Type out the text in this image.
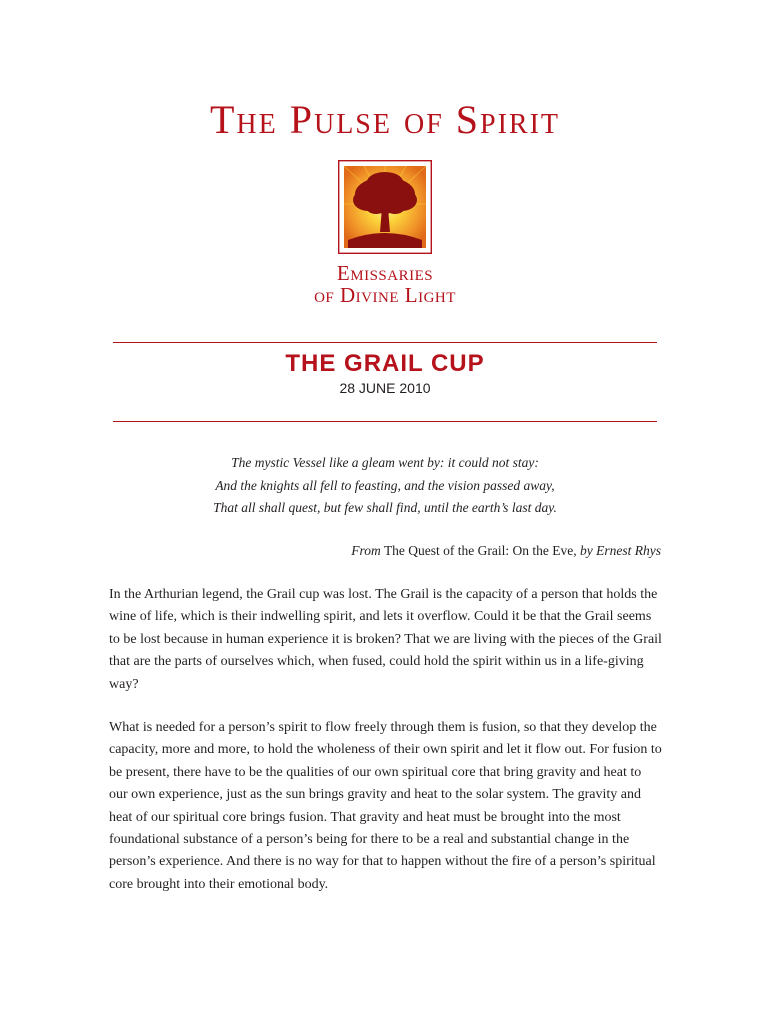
The Pulse of Spirit
Emissaries
of Divine Light
THE GRAIL CUP
28 JUNE 2010
The mystic Vessel like a gleam went by: it could not stay:
And the knights all fell to feasting, and the vision passed away,
That all shall quest, but few shall find, until the earth’s last day.
From The Quest of the Grail: On the Eve, by Ernest Rhys

In the Arthurian legend, the Grail cup was lost. The Grail is the capacity of a person that holds the wine of life, which is their indwelling spirit, and lets it overflow. Could it be that the Grail seems to be lost because in human experience it is broken? That we are living with the pieces of the Grail that are the parts of ourselves which, when fused, could hold the spirit within us in a life-giving way?

What is needed for a person’s spirit to flow freely through them is fusion, so that they develop the capacity, more and more, to hold the wholeness of their own spirit and let it flow out. For fusion to be present, there have to be the qualities of our own spiritual core that bring gravity and heat to our own experience, just as the sun brings gravity and heat to the solar system. The gravity and heat of our spiritual core brings fusion. That gravity and heat must be brought into the most foundational substance of a person’s being for there to be a real and substantial change in the person’s experience. And there is no way for that to happen without the fire of a person’s spiritual core brought into their emotional body.
